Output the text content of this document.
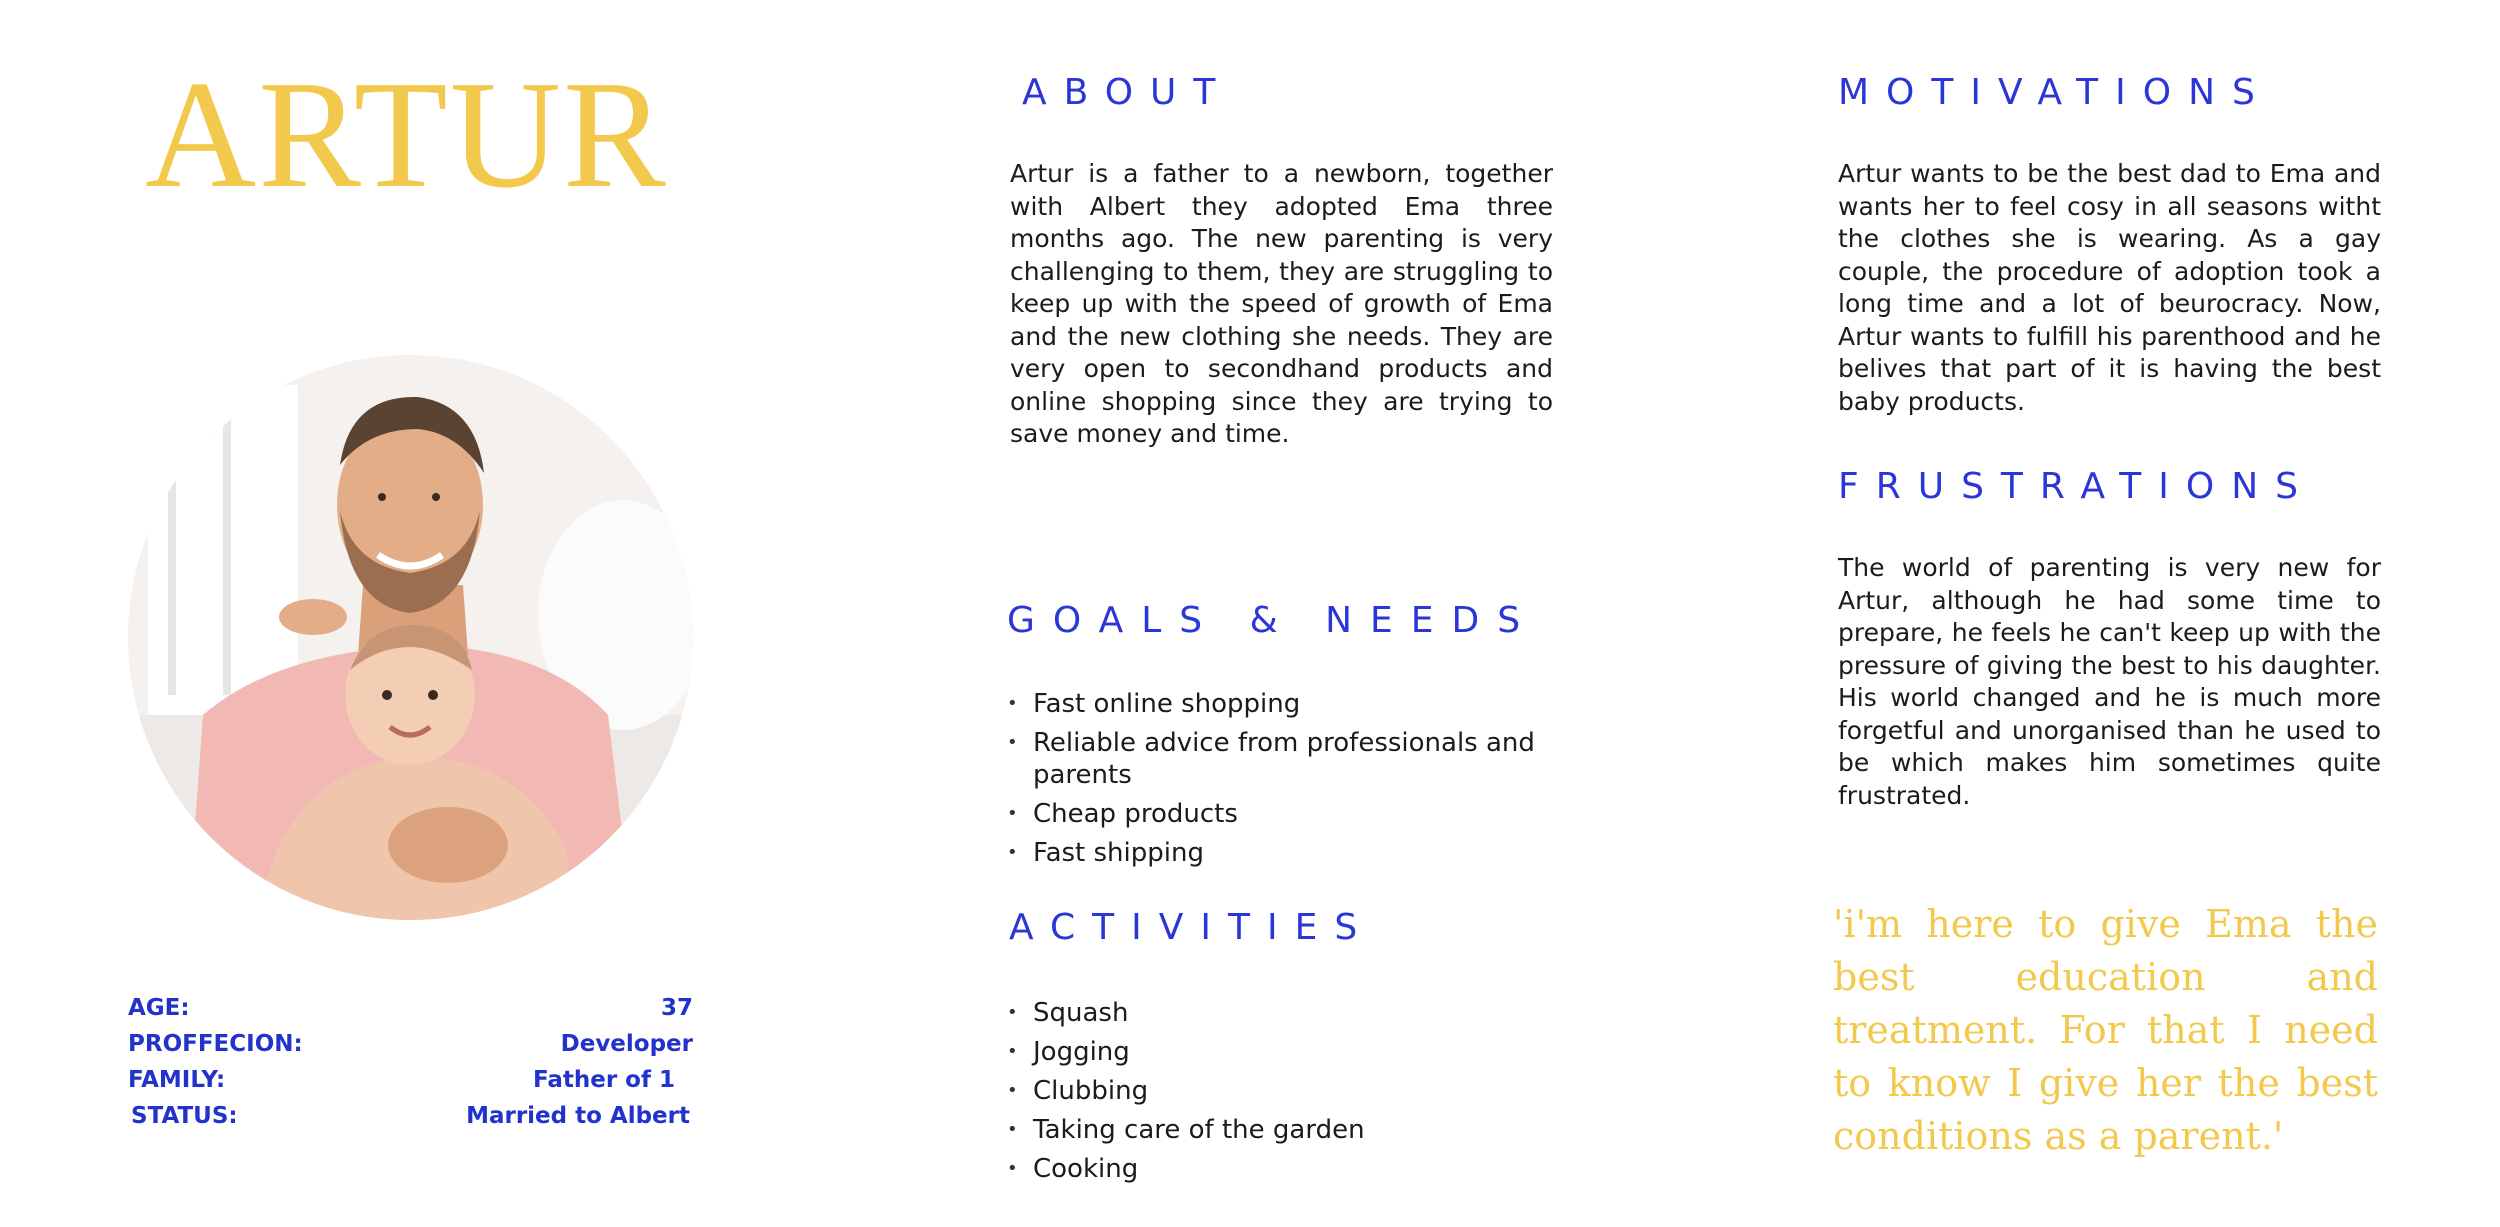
ARTUR
AGE:	37
PROFFECION:	Developer
FAMILY:	Father of 1
STATUS:	Married to Albert
ABOUT

Artur is a father to a newborn, together with Albert they adopted Ema three months ago. The new parenting is very challenging to them, they are struggling to keep up with the speed of growth of Ema and the new clothing she needs. They are very open to secondhand products and online shopping since they are trying to save money and time.

GOALS & NEEDS
• Fast online shopping
• Reliable advice from professionals and parents
• Cheap products
• Fast shipping
ACTIVITIES
• Squash
• Jogging
• Clubbing
• Taking care of the garden
• Cooking
MOTIVATIONS

Artur wants to be the best dad to Ema and wants her to feel cosy in all seasons witht the clothes she is wearing. As a gay couple, the procedure of adoption took a long time and a lot of beurocracy. Now, Artur wants to fulfill his parenthood and he belives that part of it is having the best baby products.

FRUSTRATIONS

The world of parenting is very new for Artur, although he had some time to prepare, he feels he can't keep up with the pressure of giving the best to his daughter. His world changed and he is much more forgetful and unorganised than he used to be which makes him sometimes quite frustrated.

'i'm here to give Ema the best education and treatment. For that I need to know I give her the best conditions as a parent.'
